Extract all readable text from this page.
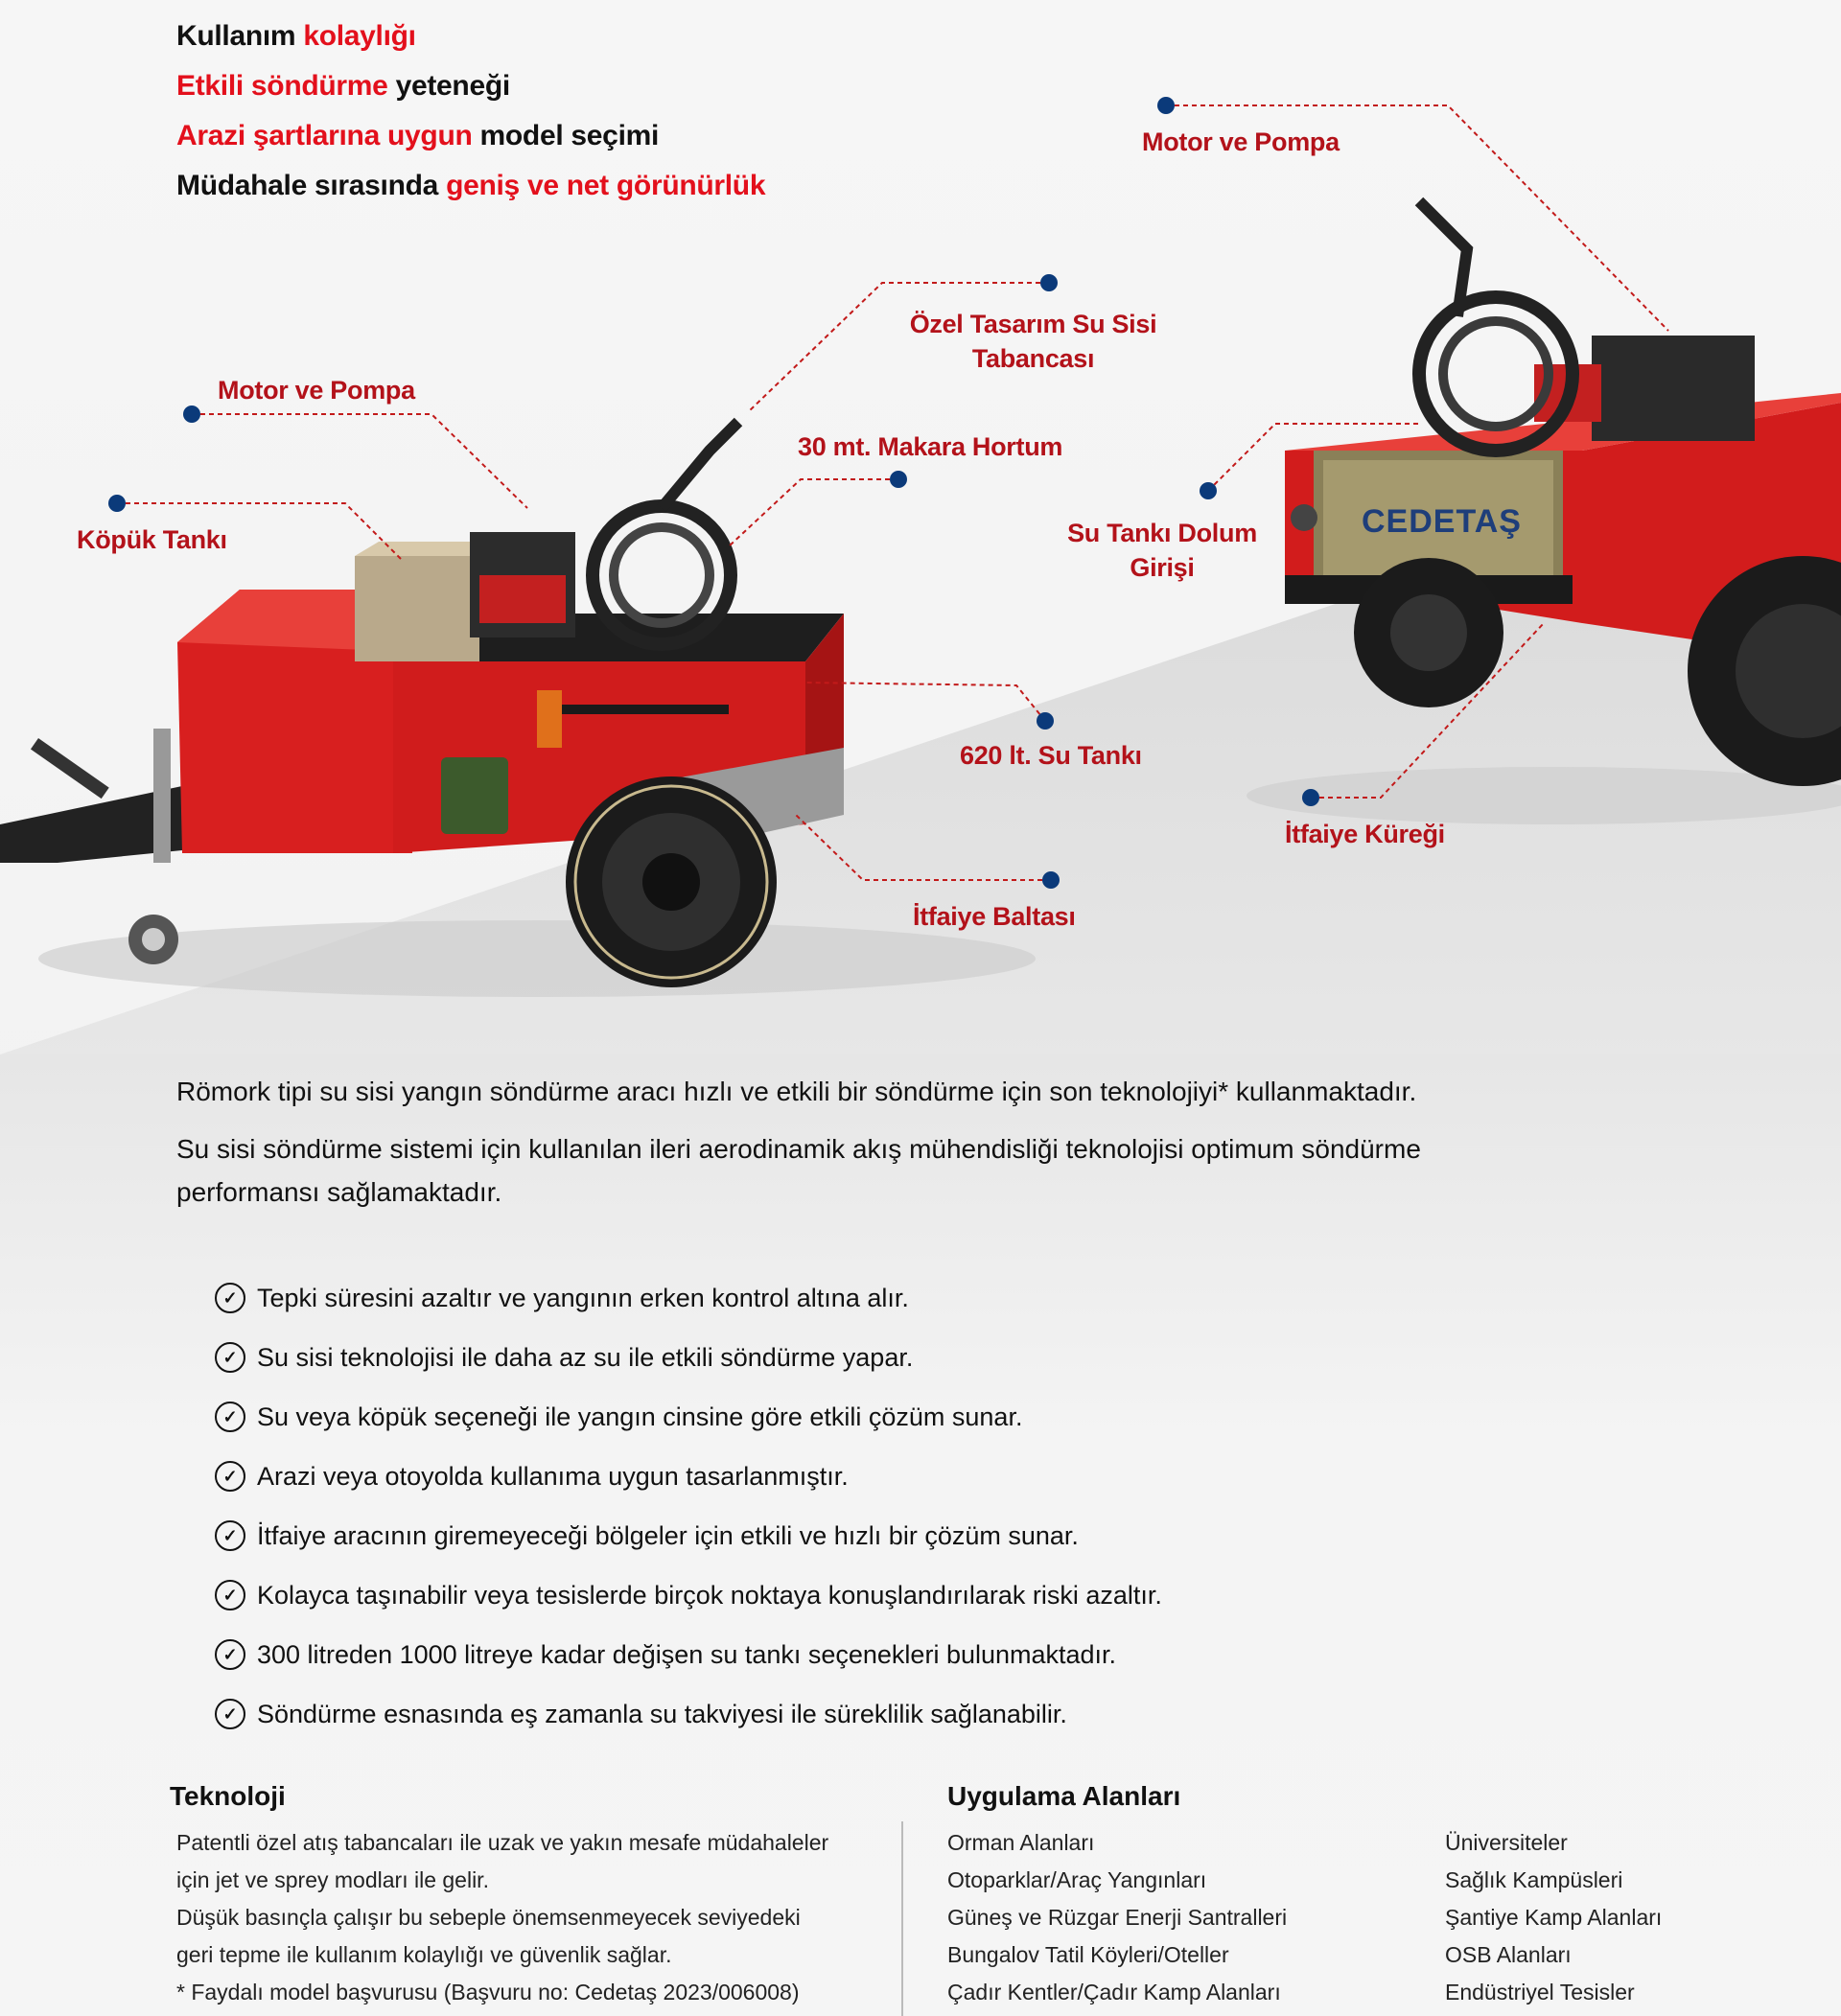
Kullanım kolaylığı
Etkili söndürme yeteneği
Arazi şartlarına uygun model seçimi
Müdahale sırasında geniş ve net görünürlük
CEDETAŞ
Motor ve Pompa
Köpük Tankı
Özel Tasarım Su Sisi
Tabancası
30 mt. Makara Hortum
620 lt. Su Tankı
İtfaiye Baltası
Motor ve Pompa
Su Tankı Dolum
Girişi
İtfaiye Küreği
Römork tipi su sisi yangın söndürme aracı hızlı ve etkili bir söndürme için son teknolojiyi* kullanmaktadır.
Su sisi söndürme sistemi için kullanılan ileri aerodinamik akış mühendisliği teknolojisi optimum söndürme performansı sağlamaktadır.
✓ Tepki süresini azaltır ve yangının erken kontrol altına alır.
✓ Su sisi teknolojisi ile daha az su ile etkili söndürme yapar.
✓ Su veya köpük seçeneği ile yangın cinsine göre etkili çözüm sunar.
✓ Arazi veya otoyolda kullanıma uygun tasarlanmıştır.
✓ İtfaiye aracının giremeyeceği bölgeler için etkili ve hızlı bir çözüm sunar.
✓ Kolayca taşınabilir veya tesislerde birçok noktaya konuşlandırılarak riski azaltır.
✓ 300 litreden 1000 litreye kadar değişen su tankı seçenekleri bulunmaktadır.
✓ Söndürme esnasında eş zamanla su takviyesi ile süreklilik sağlanabilir.
Teknoloji
Patentli özel atış tabancaları ile uzak ve yakın mesafe müdahaleler
için jet ve sprey modları ile gelir.
Düşük basınçla çalışır bu sebeple önemsenmeyecek seviyedeki
geri tepme ile kullanım kolaylığı ve güvenlik sağlar.
* Faydalı model başvurusu (Başvuru no: Cedetaş 2023/006008)
Uygulama Alanları
Orman Alanları
Otoparklar/Araç Yangınları
Güneş ve Rüzgar Enerji Santralleri
Bungalov Tatil Köyleri/Oteller
Çadır Kentler/Çadır Kamp Alanları
Üniversiteler
Sağlık Kampüsleri
Şantiye Kamp Alanları
OSB Alanları
Endüstriyel Tesisler
